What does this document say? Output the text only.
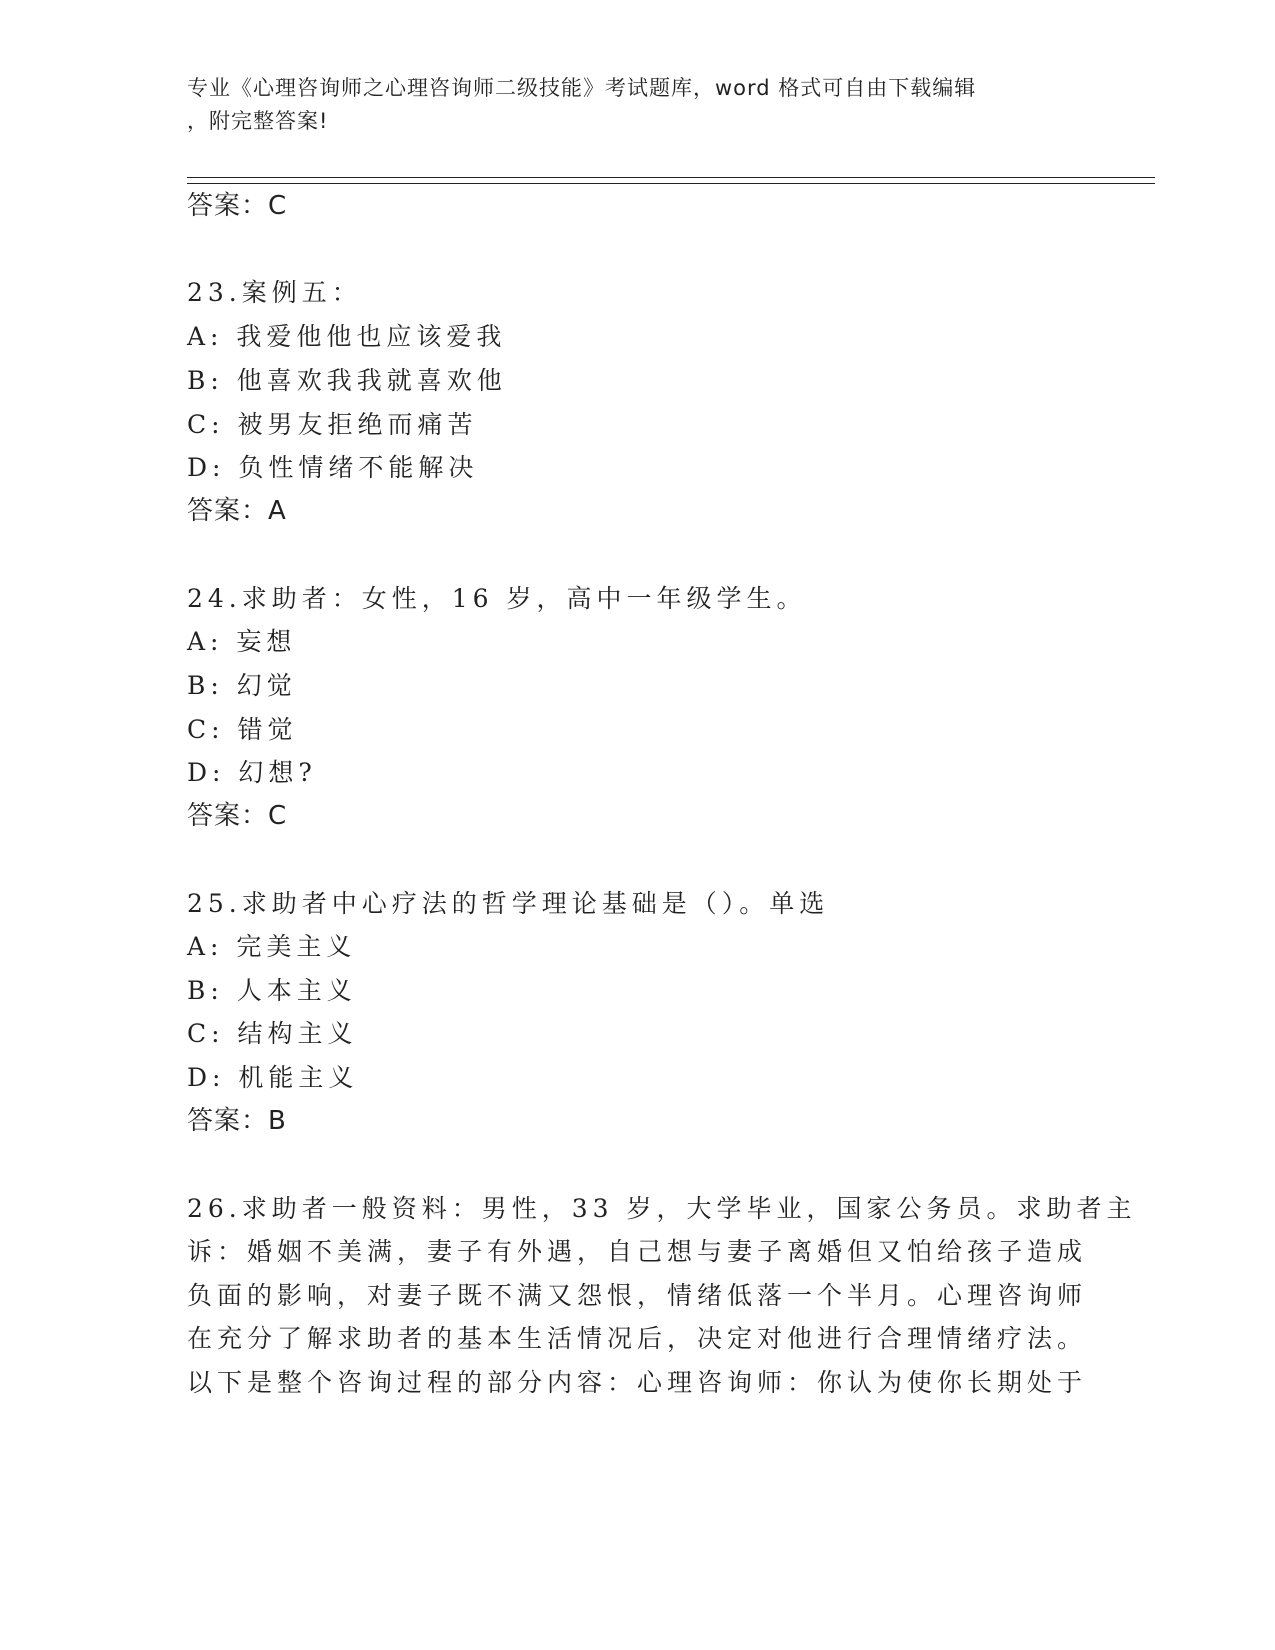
专业《心理咨询师之心理咨询师二级技能》考试题库，word 格式可自由下载编辑
，附完整答案!
答案：C
23.案例五：
A: 我爱他他也应该爱我
B: 他喜欢我我就喜欢他
C: 被男友拒绝而痛苦
D: 负性情绪不能解决
答案：A
24.求助者：女性，16 岁，高中一年级学生。
A: 妄想
B: 幻觉
C: 错觉
D: 幻想?
答案：C
25.求助者中心疗法的哲学理论基础是（）。单选
A: 完美主义
B: 人本主义
C: 结构主义
D: 机能主义
答案：B
26.求助者一般资料：男性，33 岁，大学毕业，国家公务员。求助者主
诉：婚姻不美满，妻子有外遇，自己想与妻子离婚但又怕给孩子造成
负面的影响，对妻子既不满又怨恨，情绪低落一个半月。心理咨询师
在充分了解求助者的基本生活情况后，决定对他进行合理情绪疗法。
以下是整个咨询过程的部分内容：心理咨询师：你认为使你长期处于
